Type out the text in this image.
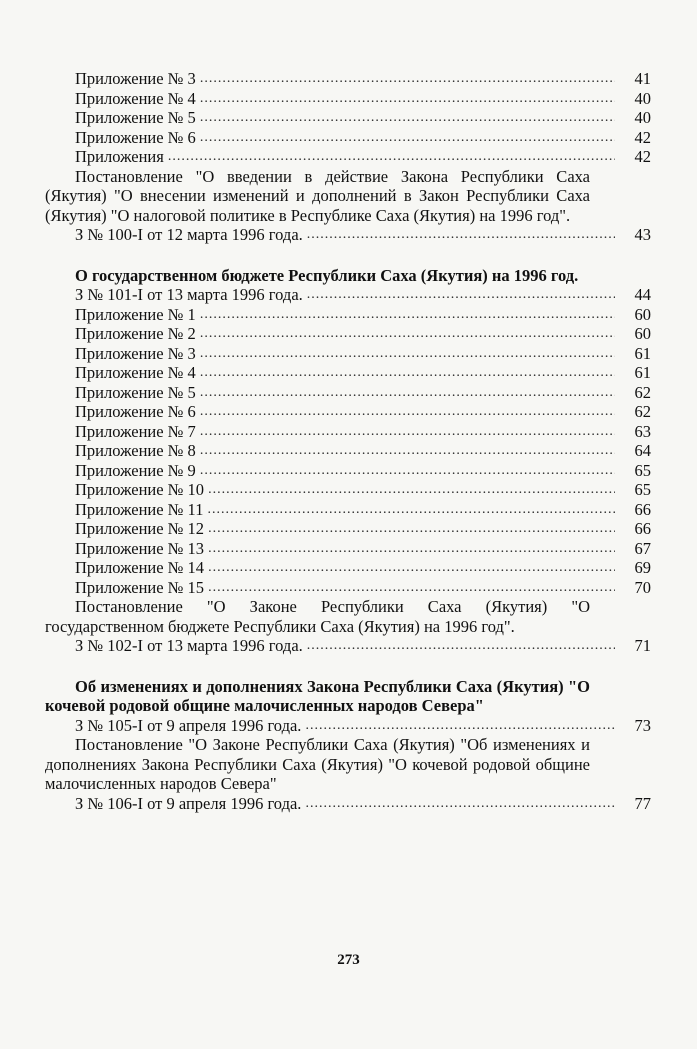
Приложение № 3 .....	41
Приложение № 4 .....	40
Приложение № 5 .....	40
Приложение № 6 .....	42
Приложения .....	42
Постановление "О введении в действие Закона Республики Саха (Якутия) "О внесении изменений и дополнений в Закон Республики Саха (Якутия) "О налоговой политике в Республике Саха (Якутия) на 1996 год".
З № 100-I от 12 марта 1996 года. .....	43
О государственном бюджете Республики Саха (Якутия) на 1996 год.
З № 101-I от 13 марта 1996 года. .....	44
Приложение № 1 .....	60
Приложение № 2 .....	60
Приложение № 3 .....	61
Приложение № 4 .....	61
Приложение № 5 .....	62
Приложение № 6 .....	62
Приложение № 7 .....	63
Приложение № 8 .....	64
Приложение № 9 .....	65
Приложение № 10 .....	65
Приложение № 11 .....	66
Приложение № 12 .....	66
Приложение № 13 .....	67
Приложение № 14 .....	69
Приложение № 15 .....	70
Постановление "О Законе Республики Саха (Якутия) "О государственном бюджете Республики Саха (Якутия) на 1996 год".
З № 102-I от 13 марта 1996 года. .....	71
Об изменениях и дополнениях Закона Республики Саха (Якутия) "О кочевой родовой общине малочисленных народов Севера"
З № 105-I от 9 апреля 1996 года. .....	73
Постановление "О Законе Республики Саха (Якутия) "Об изменениях и дополнениях Закона Республики Саха (Якутия) "О кочевой родовой общине малочисленных народов Севера"
З № 106-I от 9 апреля 1996 года. .....	77
273
